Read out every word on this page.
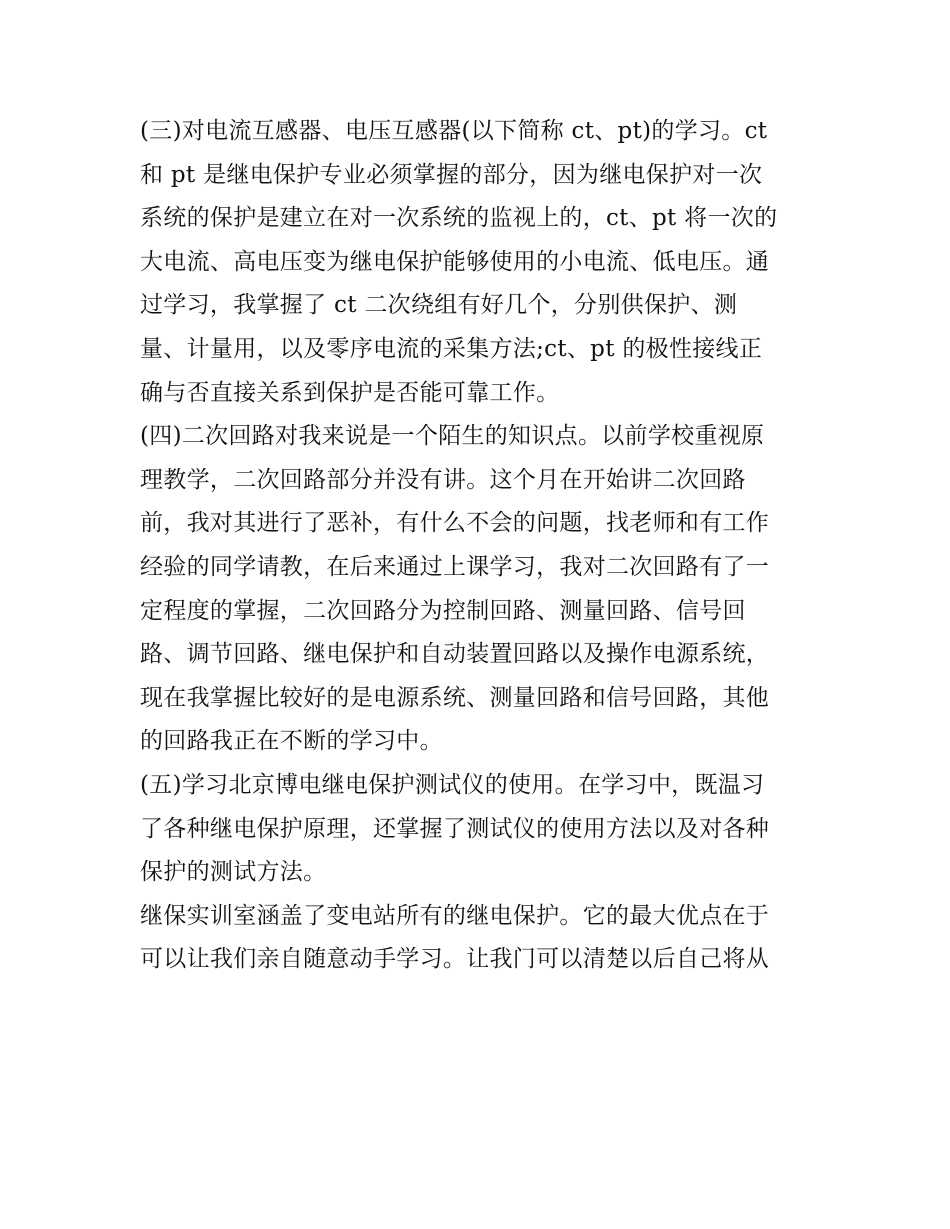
(三)对电流互感器、电压互感器(以下简称 ct、pt)的学习。ct
和 pt 是继电保护专业必须掌握的部分，因为继电保护对一次
系统的保护是建立在对一次系统的监视上的，ct、pt 将一次的
大电流、高电压变为继电保护能够使用的小电流、低电压。通
过学习，我掌握了 ct 二次绕组有好几个，分别供保护、测
量、计量用，以及零序电流的采集方法;ct、pt 的极性接线正
确与否直接关系到保护是否能可靠工作。
(四)二次回路对我来说是一个陌生的知识点。以前学校重视原
理教学，二次回路部分并没有讲。这个月在开始讲二次回路
前，我对其进行了恶补，有什么不会的问题，找老师和有工作
经验的同学请教，在后来通过上课学习，我对二次回路有了一
定程度的掌握，二次回路分为控制回路、测量回路、信号回
路、调节回路、继电保护和自动装置回路以及操作电源系统，
现在我掌握比较好的是电源系统、测量回路和信号回路，其他
的回路我正在不断的学习中。
(五)学习北京博电继电保护测试仪的使用。在学习中，既温习
了各种继电保护原理，还掌握了测试仪的使用方法以及对各种
保护的测试方法。
继保实训室涵盖了变电站所有的继电保护。它的最大优点在于
可以让我们亲自随意动手学习。让我门可以清楚以后自己将从
